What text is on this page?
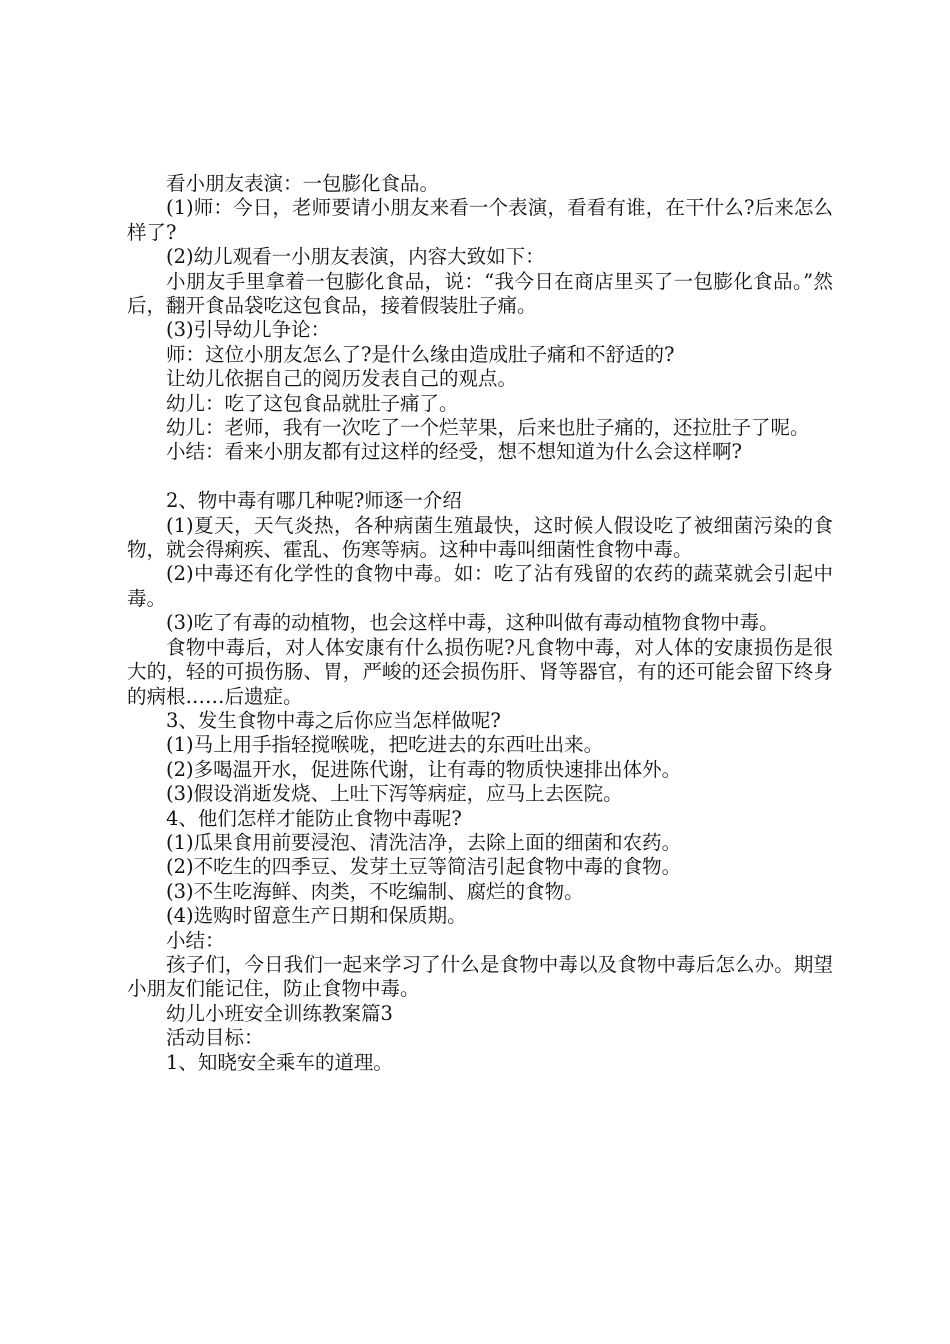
看小朋友表演：一包膨化食品。

(1)师：今日，老师要请小朋友来看一个表演，看看有谁，在干什么?后来怎么样了?

(2)幼儿观看一小朋友表演，内容大致如下：

小朋友手里拿着一包膨化食品，说：“我今日在商店里买了一包膨化食品。”然后，翻开食品袋吃这包食品，接着假装肚子痛。

(3)引导幼儿争论：

师：这位小朋友怎么了?是什么缘由造成肚子痛和不舒适的?

让幼儿依据自己的阅历发表自己的观点。

幼儿：吃了这包食品就肚子痛了。

幼儿：老师，我有一次吃了一个烂苹果，后来也肚子痛的，还拉肚子了呢。

小结：看来小朋友都有过这样的经受，想不想知道为什么会这样啊?

2、物中毒有哪几种呢?师逐一介绍

(1)夏天，天气炎热，各种病菌生殖最快，这时候人假设吃了被细菌污染的食物，就会得痢疾、霍乱、伤寒等病。这种中毒叫细菌性食物中毒。

(2)中毒还有化学性的食物中毒。如：吃了沾有残留的农药的蔬菜就会引起中毒。

(3)吃了有毒的动植物，也会这样中毒，这种叫做有毒动植物食物中毒。

食物中毒后，对人体安康有什么损伤呢?凡食物中毒，对人体的安康损伤是很大的，轻的可损伤肠、胃，严峻的还会损伤肝、肾等器官，有的还可能会留下终身的病根……后遗症。

3、发生食物中毒之后你应当怎样做呢?

(1)马上用手指轻搅喉咙，把吃进去的东西吐出来。

(2)多喝温开水，促进陈代谢，让有毒的物质快速排出体外。

(3)假设消逝发烧、上吐下泻等病症，应马上去医院。

4、他们怎样才能防止食物中毒呢?

(1)瓜果食用前要浸泡、清洗洁净，去除上面的细菌和农药。

(2)不吃生的四季豆、发芽土豆等简洁引起食物中毒的食物。

(3)不生吃海鲜、肉类，不吃编制、腐烂的食物。

(4)选购时留意生产日期和保质期。

小结：

孩子们，今日我们一起来学习了什么是食物中毒以及食物中毒后怎么办。期望小朋友们能记住，防止食物中毒。

幼儿小班安全训练教案篇3

活动目标：

1、知晓安全乘车的道理。
